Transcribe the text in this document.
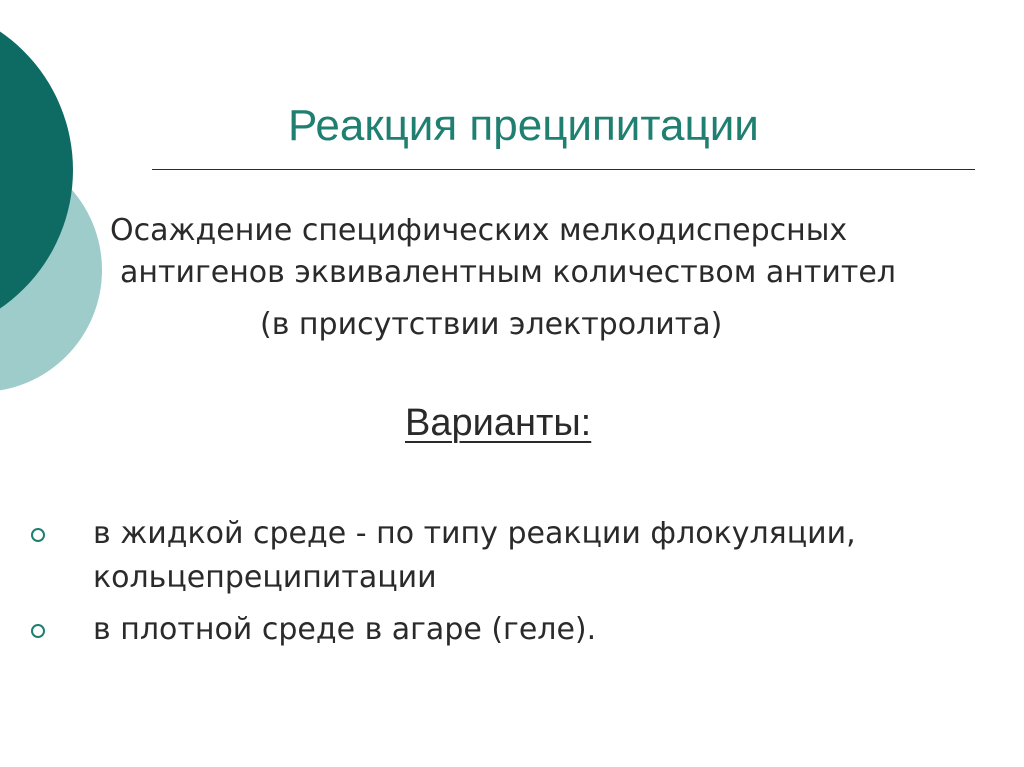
Реакция преципитации
Осаждение специфических мелкодисперсных
антигенов эквивалентным количеством антител
(в присутствии электролита)
Варианты:
в жидкой среде - по типу реакции флокуляции,
кольцепреципитации
в плотной среде в агаре (геле).
